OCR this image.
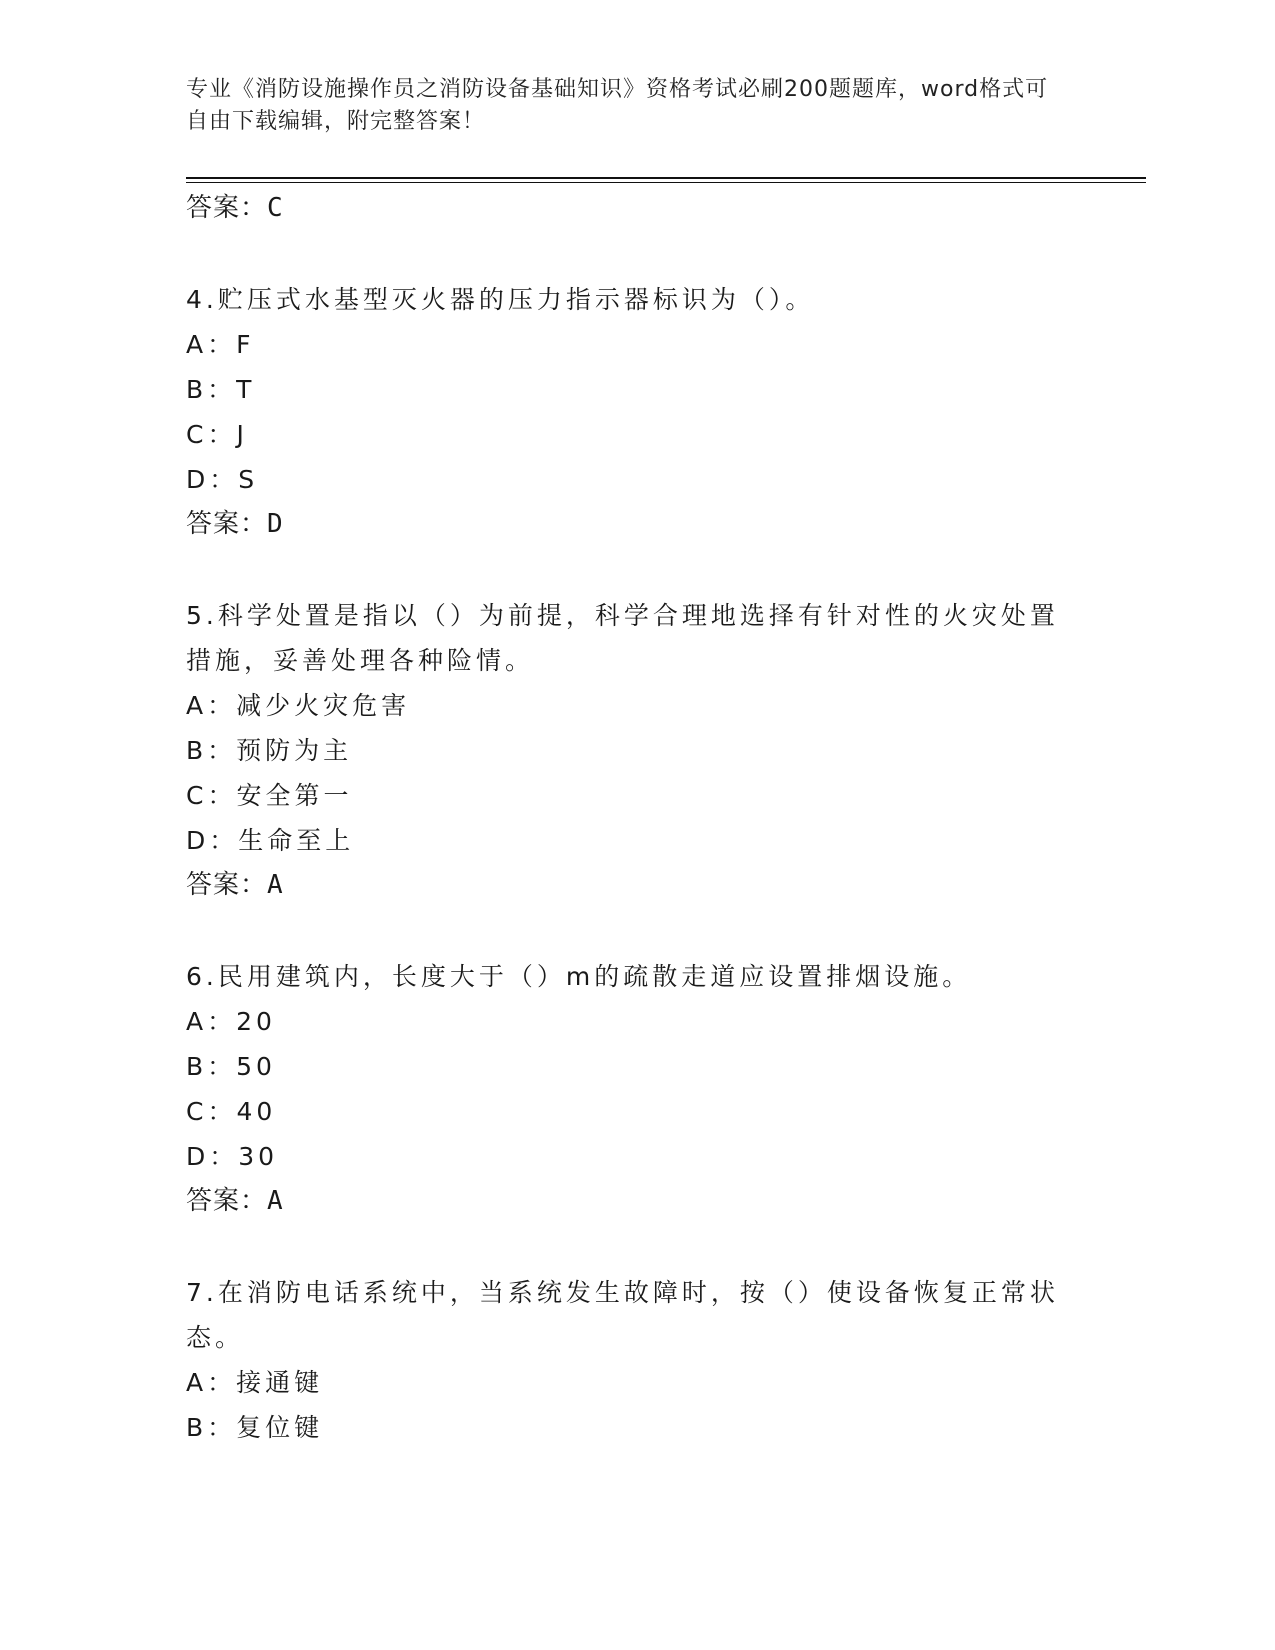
专业《消防设施操作员之消防设备基础知识》资格考试必刷200题题库，word格式可自由下载编辑，附完整答案！
答案：C
4.贮压式水基型灭火器的压力指示器标识为（）。
A：F
B：T
C：J
D：S
答案：D
5.科学处置是指以（）为前提，科学合理地选择有针对性的火灾处置
措施，妥善处理各种险情。
A：减少火灾危害
B：预防为主
C：安全第一
D：生命至上
答案：A
6.民用建筑内，长度大于（）m的疏散走道应设置排烟设施。
A：20
B：50
C：40
D：30
答案：A
7.在消防电话系统中，当系统发生故障时，按（）使设备恢复正常状
态。
A：接通键
B：复位键
